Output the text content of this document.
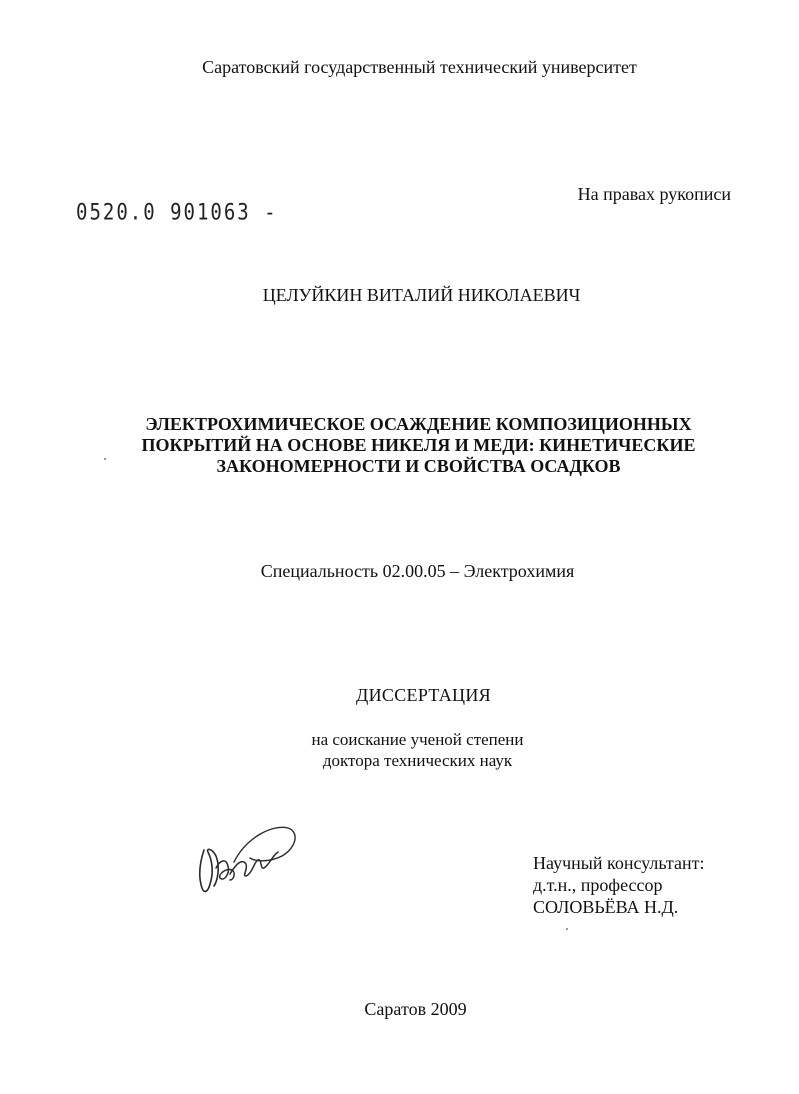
Саратовский государственный технический университет
На правах рукописи
0520.0 901063 -
ЦЕЛУЙКИН ВИТАЛИЙ НИКОЛАЕВИЧ
ЭЛЕКТРОХИМИЧЕСКОЕ ОСАЖДЕНИЕ КОМПОЗИЦИОННЫХ
ПОКРЫТИЙ НА ОСНОВЕ НИКЕЛЯ И МЕДИ: КИНЕТИЧЕСКИЕ
ЗАКОНОМЕРНОСТИ И СВОЙСТВА ОСАДКОВ
Специальность 02.00.05 – Электрохимия
ДИССЕРТАЦИЯ
на соискание ученой степени
доктора технических наук
Научный консультант:
д.т.н., профессор
СОЛОВЬЁВА Н.Д.
Саратов 2009
